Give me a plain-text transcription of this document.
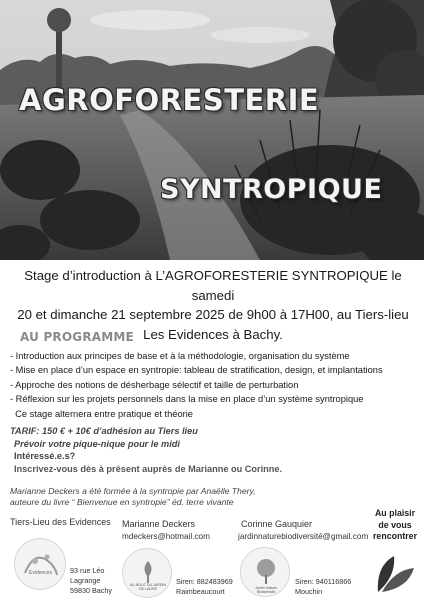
AGROFORESTERIE
SYNTROPIQUE
Stage d’introduction à L’AGROFORESTERIE SYNTROPIQUE le samedi
20 et dimanche 21 septembre 2025 de 9h00 à 17H00, au Tiers-lieu
Les Evidences à Bachy.
AU PROGRAMME
- Introduction aux principes de base et à la méthodologie, organisation du système
- Mise en place d’un espace en syntropie: tableau de stratification, design, et implantations
- Approche des notions de désherbage sélectif et taille de perturbation
- Réflexion sur les projets personnels dans la mise en place d’un système syntropique
Ce stage alternera entre pratique et théorie
TARIF: 150 € + 10€ d’adhésion au Tiers lieu
Prévoir votre pique-nique pour le midi
Intéressé.e.s?
Inscrivez-vous dès à présent auprès de Marianne ou Corinne.
Marianne Deckers a été formée à la syntropie par Anaëlle Thery,
auteure du livre “ Bienvenue en syntropie” éd. terre vivante
Tiers-Lieu des Evidences
Evidences 93 rue Léo
Lagrange
59830 Bachy
Marianne Deckers
mdeckers@hotmail.com
AU BOUT DU JARDIN DE LAURE
Siren: 882483969
Raimbeaucourt
Corinne Gauquier
jardinnaturebiodiversité@gmail.com
Jardin Nature Biodiversité
Siren: 940116866
Mouchin
Au plaisir
de vous
rencontrer
